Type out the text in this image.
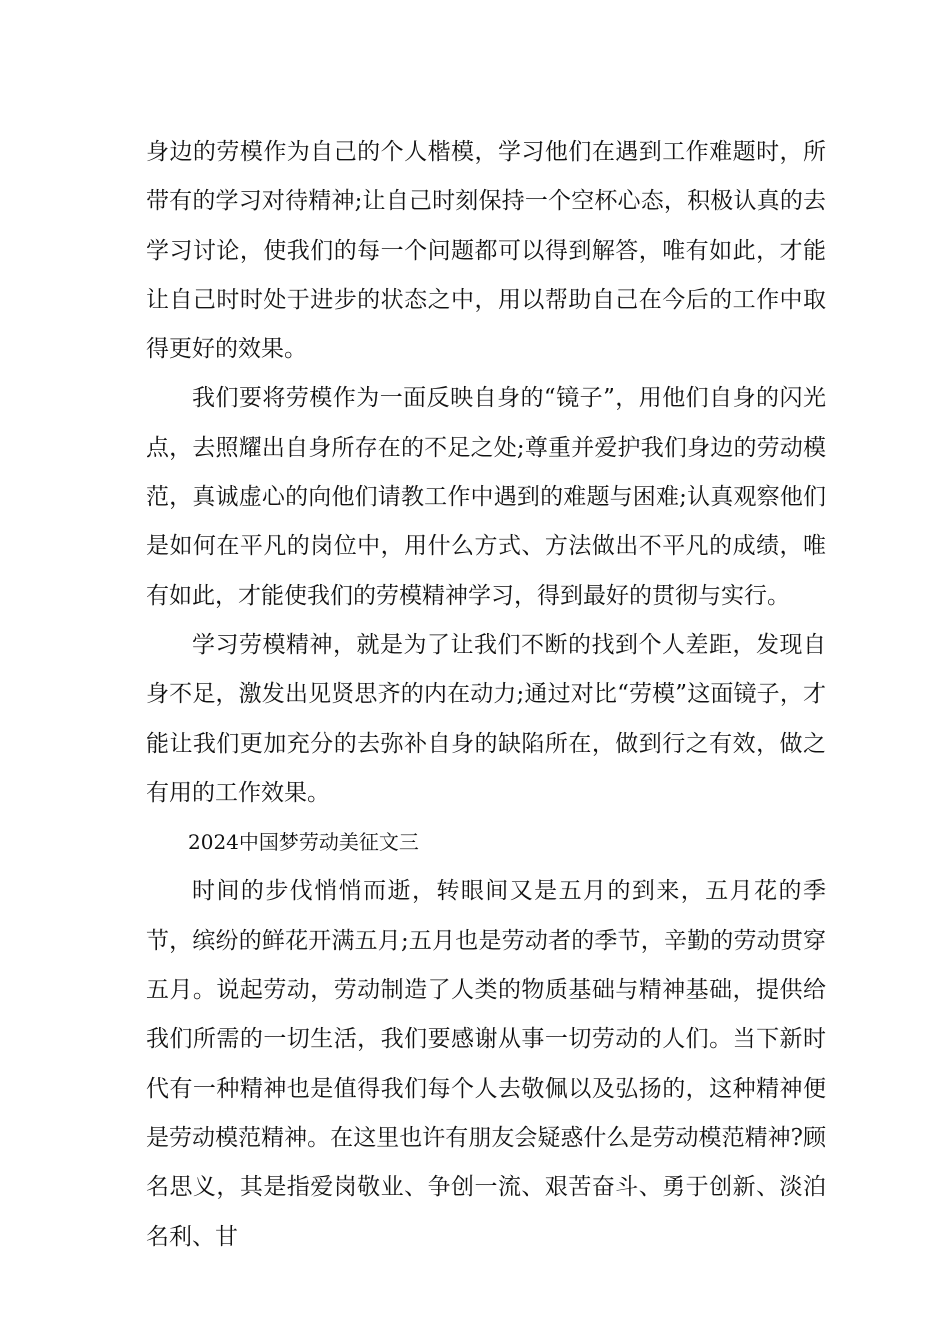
身边的劳模作为自己的个人楷模，学习他们在遇到工作难题时，所带有的学习对待精神;让自己时刻保持一个空杯心态，积极认真的去学习讨论，使我们的每一个问题都可以得到解答，唯有如此，才能让自己时时处于进步的状态之中，用以帮助自己在今后的工作中取得更好的效果。

我们要将劳模作为一面反映自身的“镜子”，用他们自身的闪光点，去照耀出自身所存在的不足之处;尊重并爱护我们身边的劳动模范，真诚虚心的向他们请教工作中遇到的难题与困难;认真观察他们是如何在平凡的岗位中，用什么方式、方法做出不平凡的成绩，唯有如此，才能使我们的劳模精神学习，得到最好的贯彻与实行。

学习劳模精神，就是为了让我们不断的找到个人差距，发现自身不足，激发出见贤思齐的内在动力;通过对比“劳模”这面镜子，才能让我们更加充分的去弥补自身的缺陷所在，做到行之有效，做之有用的工作效果。

2024中国梦劳动美征文三

时间的步伐悄悄而逝，转眼间又是五月的到来，五月花的季节，缤纷的鲜花开满五月;五月也是劳动者的季节，辛勤的劳动贯穿五月。说起劳动，劳动制造了人类的物质基础与精神基础，提供给我们所需的一切生活，我们要感谢从事一切劳动的人们。当下新时代有一种精神也是值得我们每个人去敬佩以及弘扬的，这种精神便是劳动模范精神。在这里也许有朋友会疑惑什么是劳动模范精神?顾名思义，其是指爱岗敬业、争创一流、艰苦奋斗、勇于创新、淡泊名利、甘
